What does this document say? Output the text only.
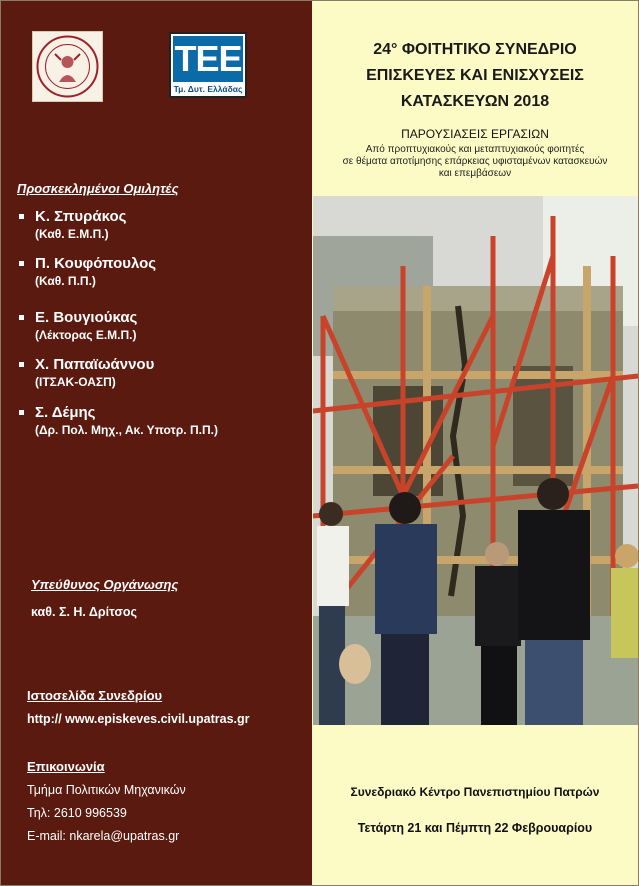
ΤΕΕ
Τμ. Δυτ. Ελλάδας
Προσκεκλημένοι Ομιλητές
Κ. Σπυράκος
(Καθ. Ε.Μ.Π.)
Π. Κουφόπουλος
(Καθ. Π.Π.)
Ε. Βουγιούκας
(Λέκτορας Ε.Μ.Π.)
Χ. Παπαϊωάννου
(ΙΤΣΑΚ-ΟΑΣΠ)
Σ. Δέμης
(Δρ. Πολ. Μηχ., Ακ. Υποτρ. Π.Π.)
Υπεύθυνος Οργάνωσης
καθ. Σ. Η. Δρίτσος
Ιστοσελίδα Συνεδρίου
http:// www.episkeves.civil.upatras.gr
Επικοινωνία
Τμήμα Πολιτικών Μηχανικών
Τηλ: 2610 996539
E-mail: nkarela@upatras.gr
24° ΦΟΙΤΗΤΙΚΟ ΣΥΝΕΔΡΙΟ
ΕΠΙΣΚΕΥΕΣ ΚΑΙ ΕΝΙΣΧΥΣΕΙΣ
ΚΑΤΑΣΚΕΥΩΝ 2018
ΠΑΡΟΥΣΙΑΣΕΙΣ ΕΡΓΑΣΙΩΝ
Από προπτυχιακούς και μεταπτυχιακούς φοιτητές
σε θέματα αποτίμησης επάρκειας υφισταμένων κατασκευών
και επεμβάσεων
Συνεδριακό Κέντρο Πανεπιστημίου Πατρών
Τετάρτη 21 και Πέμπτη 22 Φεβρουαρίου
